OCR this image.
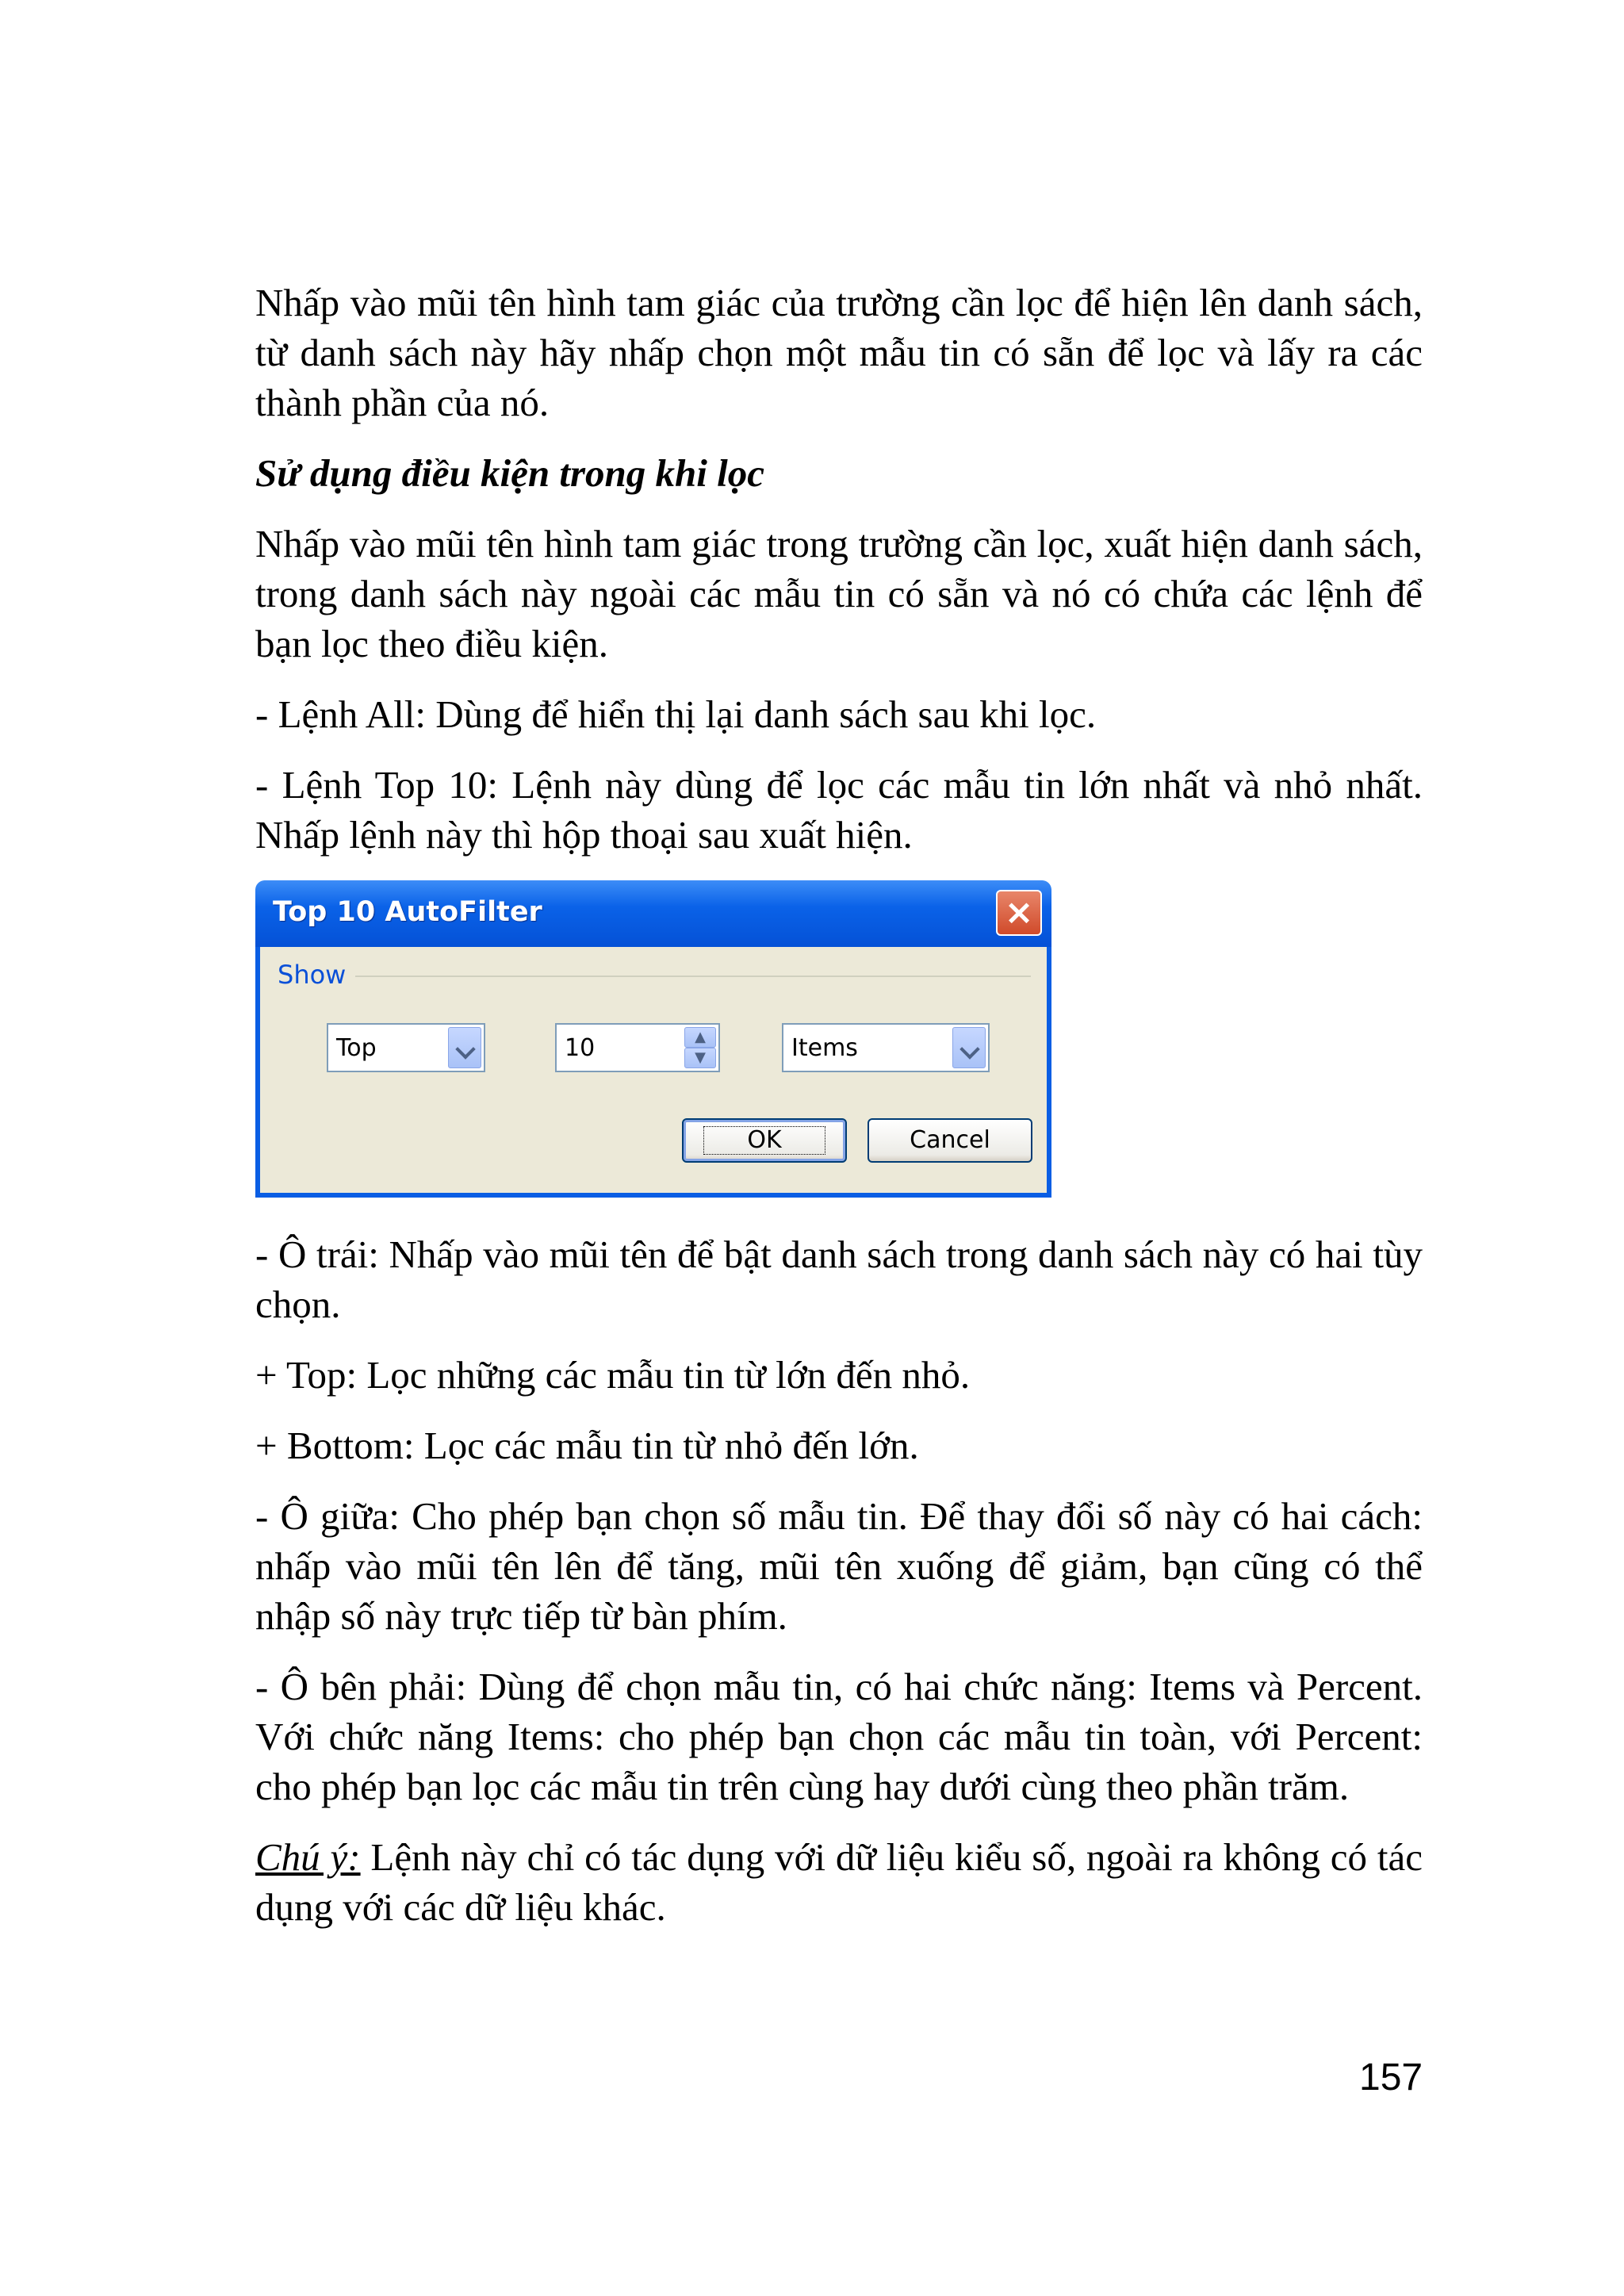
Nhấp vào mũi tên hình tam giác của trường cần lọc để hiện lên danh sách, từ danh sách này hãy nhấp chọn một mẫu tin có sẵn để lọc và lấy ra các thành phần của nó.

Sử dụng điều kiện trong khi lọc

Nhấp vào mũi tên hình tam giác trong trường cần lọc, xuất hiện danh sách, trong danh sách này ngoài các mẫu tin có sẵn và nó có chứa các lệnh để bạn lọc theo điều kiện.

- Lệnh All: Dùng để hiển thị lại danh sách sau khi lọc.

- Lệnh Top 10: Lệnh này dùng để lọc các mẫu tin lớn nhất và nhỏ nhất. Nhấp lệnh này thì hộp thoại sau xuất hiện.

Top 10 AutoFilter	×
Show
Top	10	▲
▼	Items
OK	Cancel

- Ô trái: Nhấp vào mũi tên để bật danh sách trong danh sách này có hai tùy chọn.

+ Top: Lọc những các mẫu tin từ lớn đến nhỏ.

+ Bottom: Lọc các mẫu tin từ nhỏ đến lớn.

- Ô giữa: Cho phép bạn chọn số mẫu tin. Để thay đổi số này có hai cách: nhấp vào mũi tên lên để tăng, mũi tên xuống để giảm, bạn cũng có thể nhập số này trực tiếp từ bàn phím.

- Ô bên phải: Dùng để chọn mẫu tin, có hai chức năng: Items và Percent. Với chức năng Items: cho phép bạn chọn các mẫu tin toàn, với Percent: cho phép bạn lọc các mẫu tin trên cùng hay dưới cùng theo phần trăm.

Chú ý: Lệnh này chỉ có tác dụng với dữ liệu kiểu số, ngoài ra không có tác dụng với các dữ liệu khác.

157
